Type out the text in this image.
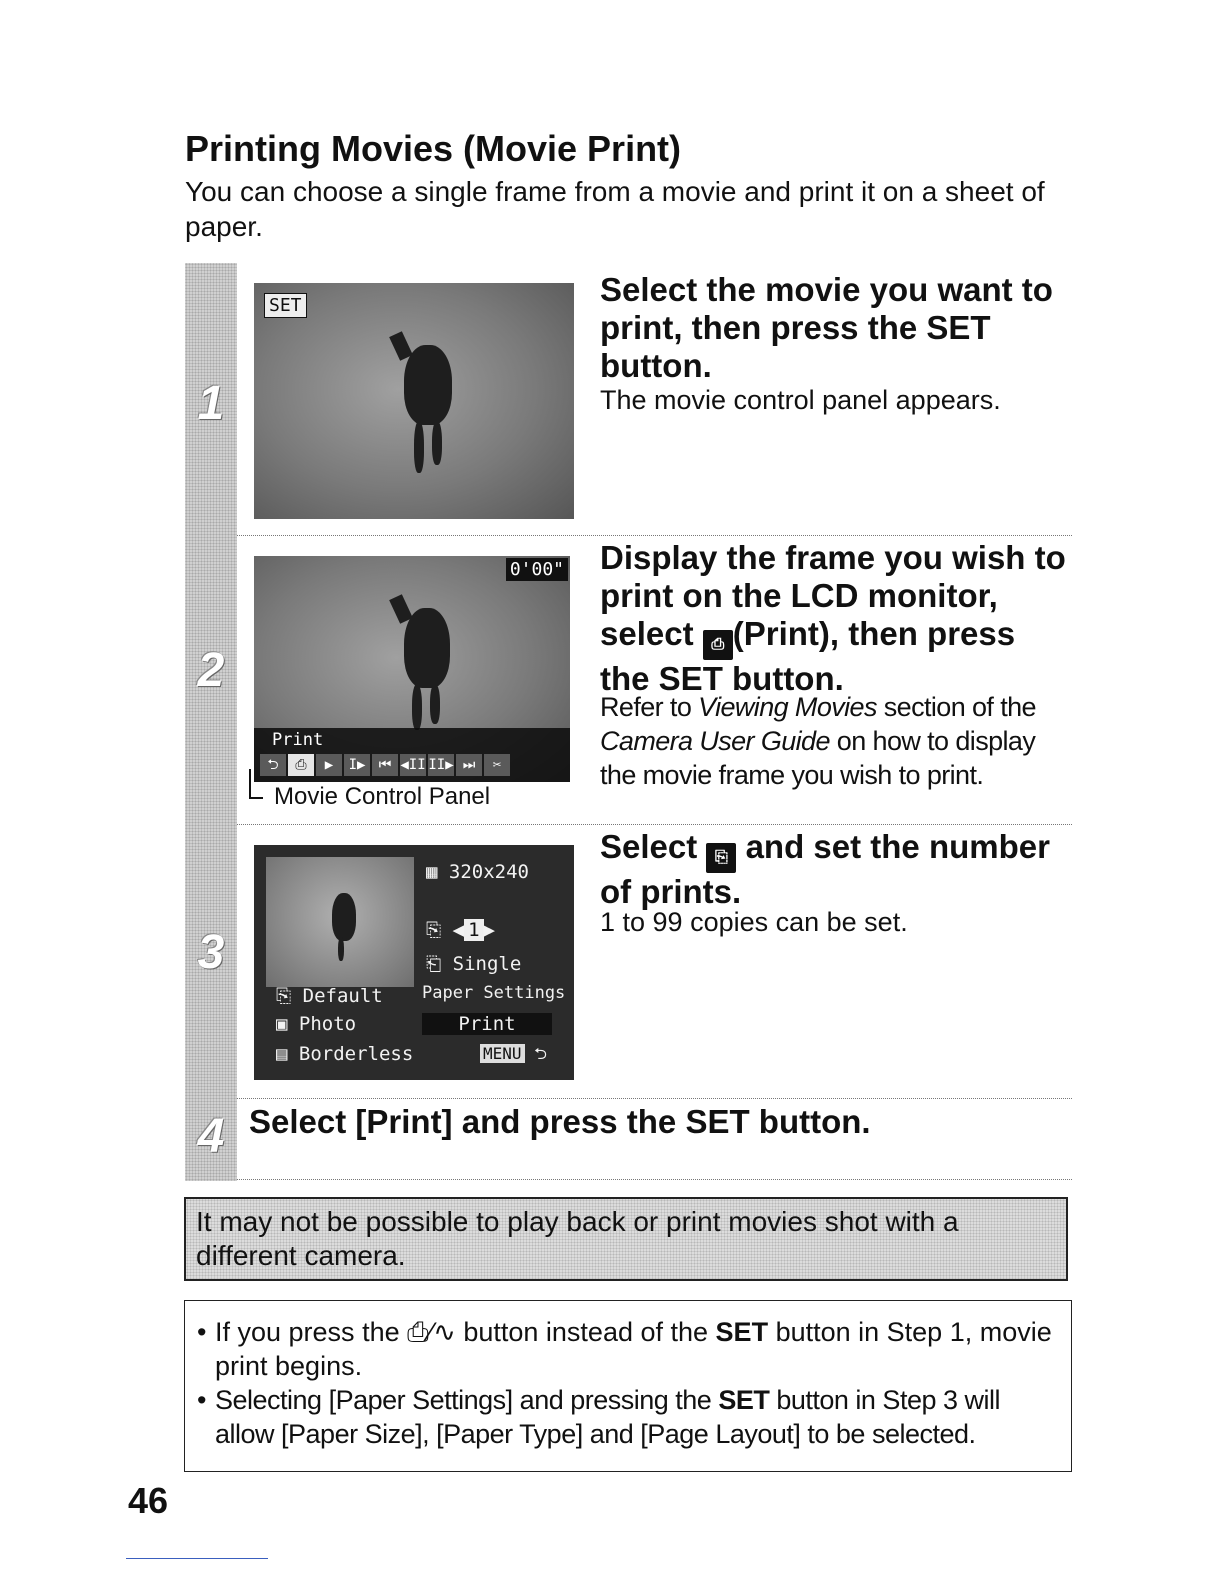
Printing Movies (Movie Print)

You can choose a single frame from a movie and print it on a sheet of paper.

1
SET	Select the movie you want to print, then press the SET button.
The movie control panel appears.
2
0'00"
Print
⮌ ⎙ ▶ I▶ ⏮ ◀II II▶ ⏭ ✂
Movie Control Panel
Display the frame you wish to print on the LCD monitor, select ⎙ (Print), then press the SET button.
Refer to Viewing Movies section of the Camera User Guide on how to display the movie frame you wish to print.
3
▦ 320x240
⎘ ◀ 1 ▶
⎗ Single
Paper Settings
Print
MENU ⮌
⎘ Default
▣ Photo
▤ Borderless
Select ⎘ and set the number of prints.
1 to 99 copies can be set.
4 Select [Print] and press the SET button.
It may not be possible to play back or print movies shot with a different camera.
• If you press the ⎙⁄∿ button instead of the SET button in Step 1, movie print begins.
• Selecting [Paper Settings] and pressing the SET button in Step 3 will allow [Paper Size], [Paper Type] and [Page Layout] to be selected.
46
